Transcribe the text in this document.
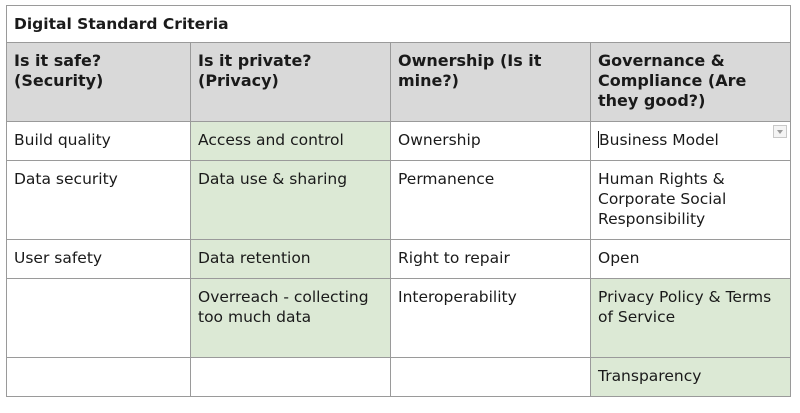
Digital Standard Criteria			
Is it safe? (Security)	Is it private? (Privacy)	Ownership (Is it mine?)	Governance & Compliance (Are they good?)
Build quality	Access and control	Ownership	Business Model

Data security	Data use & sharing	Permanence	Human Rights & Corporate Social Responsibility
User safety	Data retention	Right to repair	Open
	Overreach - collecting too much data	Interoperability	Privacy Policy & Terms of Service
			Transparency
